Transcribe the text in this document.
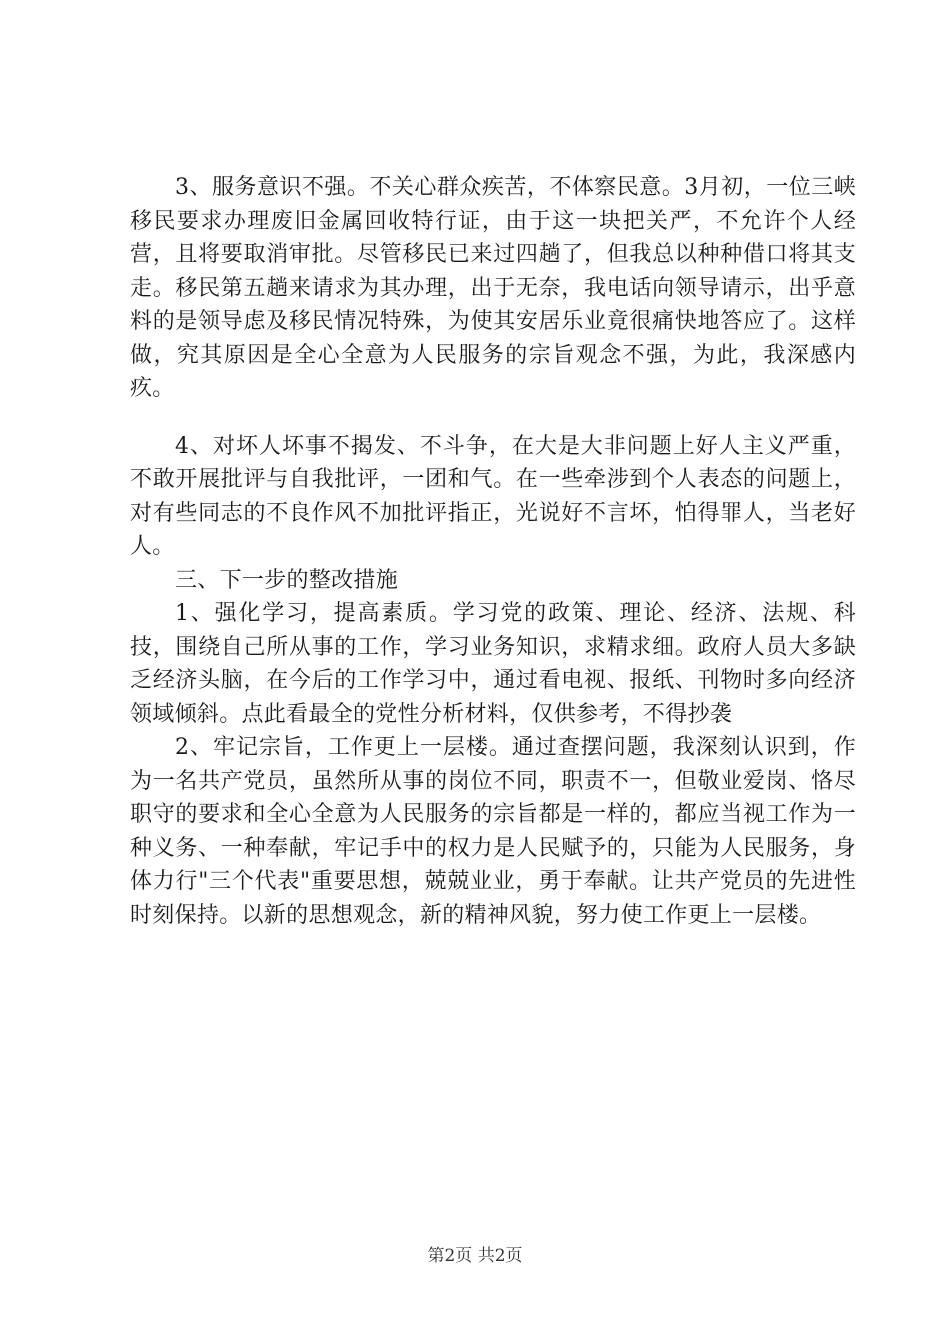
3、服务意识不强。不关心群众疾苦，不体察民意。3月初，一位三峡移民要求办理废旧金属回收特行证，由于这一块把关严，不允许个人经营，且将要取消审批。尽管移民已来过四趟了，但我总以种种借口将其支走。移民第五趟来请求为其办理，出于无奈，我电话向领导请示，出乎意料的是领导虑及移民情况特殊，为使其安居乐业竟很痛快地答应了。这样做，究其原因是全心全意为人民服务的宗旨观念不强，为此，我深感内疚。

4、对坏人坏事不揭发、不斗争，在大是大非问题上好人主义严重，不敢开展批评与自我批评，一团和气。在一些牵涉到个人表态的问题上，对有些同志的不良作风不加批评指正，光说好不言坏，怕得罪人，当老好人。

三、下一步的整改措施

1、强化学习，提高素质。学习党的政策、理论、经济、法规、科技，围绕自己所从事的工作，学习业务知识，求精求细。政府人员大多缺乏经济头脑，在今后的工作学习中，通过看电视、报纸、刊物时多向经济领域倾斜。点此看最全的党性分析材料，仅供参考，不得抄袭

2、牢记宗旨，工作更上一层楼。通过查摆问题，我深刻认识到，作为一名共产党员，虽然所从事的岗位不同，职责不一，但敬业爱岗、恪尽职守的要求和全心全意为人民服务的宗旨都是一样的，都应当视工作为一种义务、一种奉献，牢记手中的权力是人民赋予的，只能为人民服务，身体力行"三个代表"重要思想，兢兢业业，勇于奉献。让共产党员的先进性时刻保持。以新的思想观念，新的精神风貌，努力使工作更上一层楼。

第2页 共2页
